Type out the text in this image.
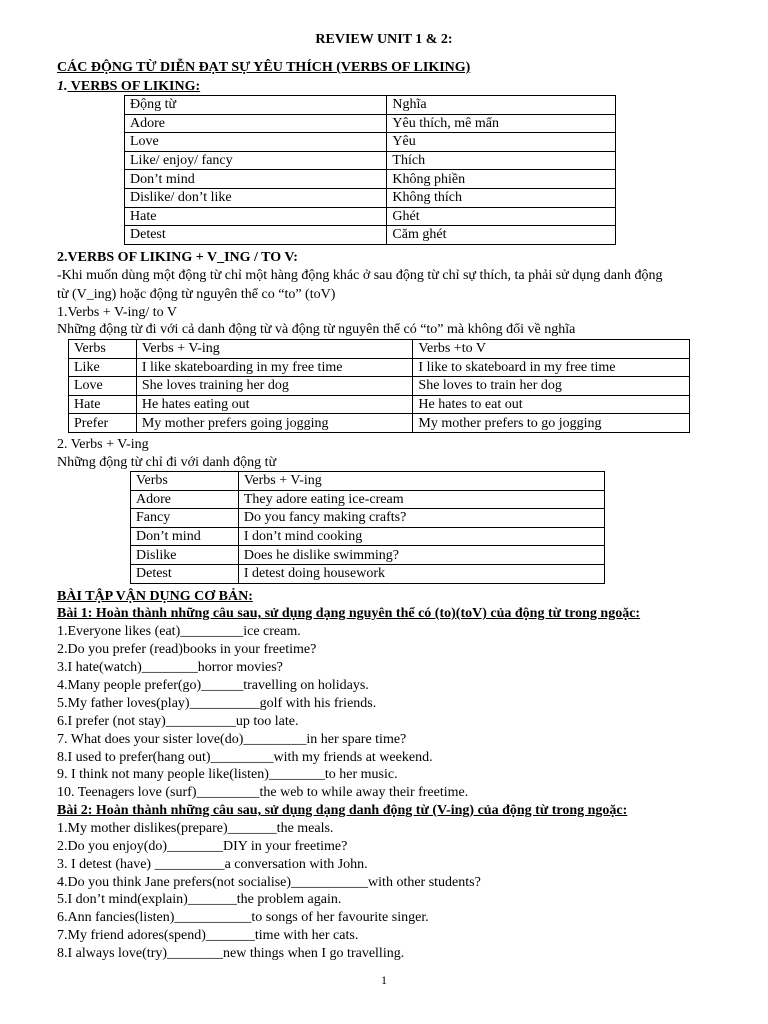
REVIEW UNIT 1 & 2:
CÁC ĐỘNG TỪ DIỄN ĐẠT SỰ YÊU THÍCH (VERBS OF LIKING)
1. VERBS OF LIKING:
Động từ	Nghĩa
Adore	Yêu thích, mê mẩn
Love	Yêu
Like/ enjoy/ fancy	Thích
Don’t mind	Không phiền
Dislike/ don’t like	Không thích
Hate	Ghét
Detest	Căm ghét
2.VERBS OF LIKING + V_ING / TO V:
-Khi muốn dùng một động từ chỉ một hàng động khác ở sau động từ chỉ sự thích, ta phải sử dụng danh động
từ (V_ing) hoặc động từ nguyên thể co “to” (toV)
1.Verbs + V-ing/ to V
Những động từ đi với cả danh động từ và động từ nguyên thể có “to” mà không đổi về nghĩa
Verbs	Verbs + V-ing	Verbs +to V
Like	I like skateboarding in my free time	I like to skateboard in my free time
Love	She loves training her dog	She loves to train her dog
Hate	He hates eating out	He hates to eat out
Prefer	My mother prefers going jogging	My mother prefers to go jogging
2. Verbs + V-ing
Những động từ chỉ đi với danh động từ
Verbs	Verbs + V-ing
Adore	They adore eating ice-cream
Fancy	Do you fancy making crafts?
Don’t mind	I don’t mind cooking
Dislike	Does he dislike swimming?
Detest	I detest doing housework
BÀI TẬP VẬN DỤNG CƠ BẢN:
Bài 1: Hoàn thành những câu sau, sử dụng dạng nguyên thể có (to)(toV) của động từ trong ngoặc:
1.Everyone likes (eat)_________ice cream.
2.Do you prefer (read)books in your freetime?
3.I hate(watch)________horror movies?
4.Many people prefer(go)______travelling on holidays.
5.My father loves(play)__________golf with his friends.
6.I prefer (not stay)__________up too late.
7. What does your sister love(do)_________in her spare time?
8.I used to prefer(hang out)_________with my friends at weekend.
9. I think not many people like(listen)________to her music.
10. Teenagers love (surf)_________the web to while away their freetime.
Bài 2: Hoàn thành những câu sau, sử dụng dạng danh động từ (V-ing) của động từ trong ngoặc:
1.My mother dislikes(prepare)_______the meals.
2.Do you enjoy(do)________DIY in your freetime?
3. I detest (have) __________a conversation with John.
4.Do you think Jane prefers(not socialise)___________with other students?
5.I don’t mind(explain)_______the problem again.
6.Ann fancies(listen)___________to songs of her favourite singer.
7.My friend adores(spend)_______time with her cats.
8.I always love(try)________new things when I go travelling.
1
